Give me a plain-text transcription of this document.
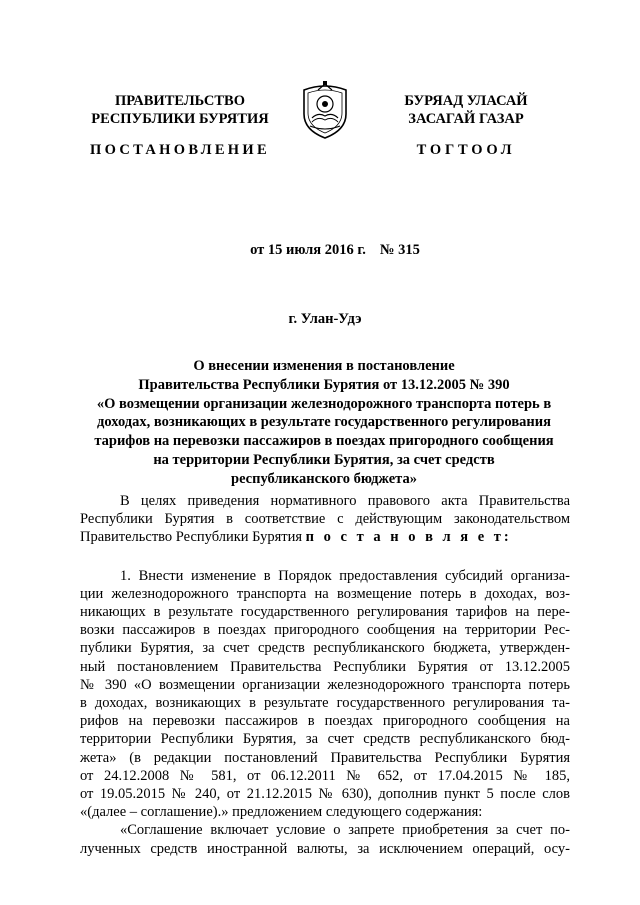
ПРАВИТЕЛЬСТВО
РЕСПУБЛИКИ БУРЯТИЯ
ПОСТАНОВЛЕНИЕ
БУРЯАД УЛАСАЙ
ЗАСАГАЙ ГАЗАР
ТОГТООЛ
от 15 июля 2016 г. № 315
г. Улан-Удэ
О внесении изменения в постановление
Правительства Республики Бурятия от 13.12.2005 № 390
«О возмещении организации железнодорожного транспорта потерь в
доходах, возникающих в результате государственного регулирования
тарифов на перевозки пассажиров в поездах пригородного сообщения
на территории Республики Бурятия, за счет средств
республиканского бюджета»
В целях приведения нормативного правового акта Правительства
Республики Бурятия в соответствие с действующим законодательством
Правительство Республики Бурятия п о с т а н о в л я е т:
1. Внести изменение в Порядок предоставления субсидий организа-
ции железнодорожного транспорта на возмещение потерь в доходах, воз-
никающих в результате государственного регулирования тарифов на пере-
возки пассажиров в поездах пригородного сообщения на территории Рес-
публики Бурятия, за счет средств республиканского бюджета, утвержден-
ный постановлением Правительства Республики Бурятия от 13.12.2005
№ 390 «О возмещении организации железнодорожного транспорта потерь
в доходах, возникающих в результате государственного регулирования та-
рифов на перевозки пассажиров в поездах пригородного сообщения на
территории Республики Бурятия, за счет средств республиканского бюд-
жета» (в редакции постановлений Правительства Республики Бурятия
от 24.12.2008 № 581, от 06.12.2011 № 652, от 17.04.2015 № 185,
от 19.05.2015 № 240, от 21.12.2015 № 630), дополнив пункт 5 после слов
«(далее – соглашение).» предложением следующего содержания:
«Соглашение включает условие о запрете приобретения за счет по-
лученных средств иностранной валюты, за исключением операций, осу-
